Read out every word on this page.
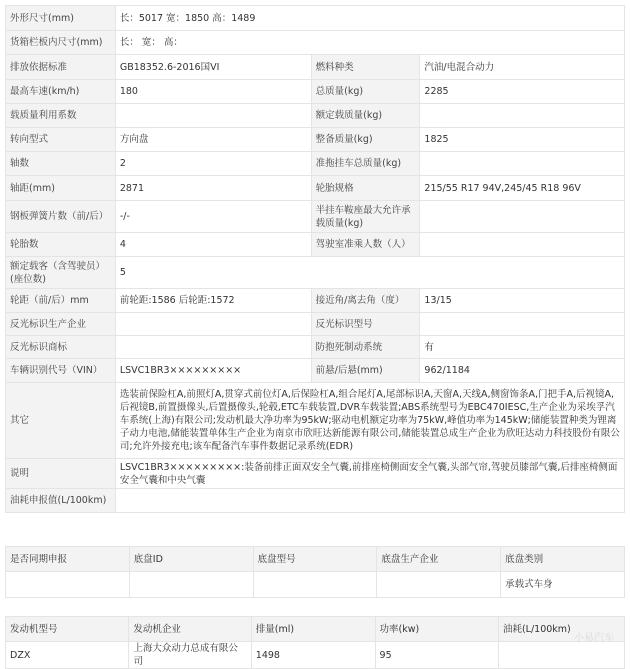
外形尺寸(mm)	长：5017 宽：1850 高：1489		
货箱栏板内尺寸(mm)	长： 宽： 高：		
排放依据标准	GB18352.6-2016国VI	燃料种类	汽油/电混合动力
最高车速(km/h)	180	总质量(kg)	2285
载质量利用系数		额定载质量(kg)	
转向型式	方向盘	整备质量(kg)	1825
轴数	2	准拖挂车总质量(kg)	
轴距(mm)	2871	轮胎规格	215/55 R17 94V,245/45 R18 96V
钢板弹簧片数（前/后）	-/-	半挂车鞍座最大允许承载质量(kg)	
轮胎数	4	驾驶室准乘人数（人）	
额定载客（含驾驶员）(座位数)	5		
轮距（前/后）mm	前轮距:1586 后轮距:1572	接近角/离去角（度）	13/15
反光标识生产企业		反光标识型号	
反光标识商标		防抱死制动系统	有
车辆识别代号（VIN）	LSVC1BR3×××××××××	前悬/后悬(mm)	962/1184
其它	选装前保险杠A,前照灯A,贯穿式前位灯A,后保险杠A,组合尾灯A,尾部标识A,天窗A,天线A,侧窗饰条A,门把手A,后视镜A,后视镜B,前置摄像头,后置摄像头,轮毂,ETC车载装置,DVR车载装置;ABS系统型号为EBC470IESC,生产企业为采埃孚汽车系统(上海)有限公司;发动机最大净功率为95kW;驱动电机额定功率为75kW,峰值功率为145kW;储能装置种类为锂离子动力电池,储能装置单体生产企业为南京市欣旺达新能源有限公司,储能装置总成生产企业为欣旺达动力科技股份有限公司;允许外接充电;该车配备汽车事件数据记录系统(EDR)		
说明	LSVC1BR3×××××××××:装备前排正面双安全气囊,前排座椅侧面安全气囊,头部气帘,驾驶员膝部气囊,后排座椅侧面安全气囊和中央气囊		
油耗申报值(L/100km)			
是否同期申报	底盘ID	底盘型号	底盘生产企业	底盘类别
				承载式车身
发动机型号	发动机企业	排量(ml)	功率(kw)	油耗(L/100km)
DZX	上海大众动力总成有限公司	1498	95	
小易汽车
